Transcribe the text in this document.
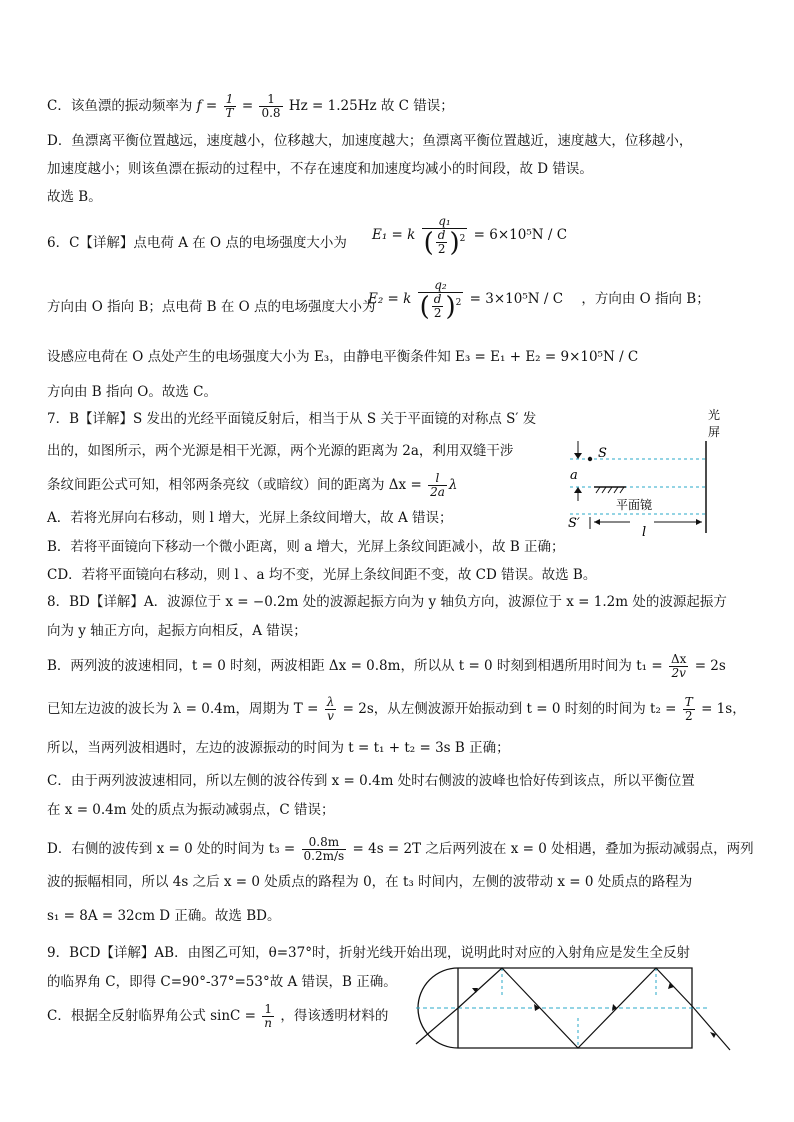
C．该鱼漂的振动频率为 $f = \frac{1}{T} = \frac{1}{0.8}$ Hz = 1.25Hz 故 C 错误；
D．鱼漂离平衡位置越远，速度越小，位移越大，加速度越大；鱼漂离平衡位置越近，速度越大，位移越小，
加速度越小；则该鱼漂在振动的过程中，不存在速度和加速度均减小的时间段，故 D 错误。
故选 B。
6．C【详解】点电荷 A 在 O 点的电场强度大小为 E₁ = k $\frac{\text{q₁}}{( \frac{d}{2} )^2} = 6\times 10^5N / C$
方向由 O 指向 B；点电荷 B 在 O 点的电场强度大小为
E₂ = k $\frac{\text{q₂}}{( \frac{d}{2} )^2} = 3\times 10^5N / C$ ，方向由 O 指向 B；
设感应电荷在 O 点处产生的电场强度大小为 E₃，由静电平衡条件知 E₃ = E₁ + E₂ = 9×10⁵N / C
方向由 B 指向 O。故选 C。
7．B【详解】S 发出的光经平面镜反射后，相当于从 S 关于平面镜的对称点 S′ 发
出的，如图所示，两个光源是相干光源，两个光源的距离为 2a，利用双缝干涉
条纹间距公式可知，相邻两条亮纹（或暗纹）间的距离为 $\Delta x = \frac{l}{2a}$ λ
光
屏
S
a
平面镜
S′
l
A．若将光屏向右移动，则 l 增大，光屏上条纹间增大，故 A 错误；
B．若将平面镜向下移动一个微小距离，则 a 增大，光屏上条纹间距减小，故 B 正确；
CD．若将平面镜向右移动，则 l 、a 均不变，光屏上条纹间距不变，故 CD 错误。故选 B。
8．BD【详解】A．波源位于 x = −0.2m 处的波源起振方向为 y 轴负方向，波源位于 x = 1.2m 处的波源起振方
向为 y 轴正方向，起振方向相反，A 错误；
B．两列波的波速相同，t = 0 时刻，两波相距 Δx = 0.8m，所以从 t = 0 时刻到相遇所用时间为 $t_1 = \frac{\Delta x}{2v} = 2s$
已知左边波的波长为 λ = 0.4m，周期为 $T = \frac{\lambda}{v} = 2s$，从左侧波源开始振动到 t = 0 时刻的时间为 $t_2 = \frac{T}{2} = 1s$，
所以，当两列波相遇时，左边的波源振动的时间为 t = t₁ + t₂ = 3s B 正确；
C．由于两列波波速相同，所以左侧的波谷传到 x = 0.4m 处时右侧波的波峰也恰好传到该点，所以平衡位置
在 x = 0.4m 处的质点为振动减弱点，C 错误；
D．右侧的波传到 x = 0 处的时间为 $t_3 = \frac{0.8m}{0.2m/s} = 4s = 2T$ 之后两列波在 x = 0 处相遇，叠加为振动减弱点，两列
波的振幅相同，所以 4s 之后 x = 0 处质点的路程为 0，在 t₃ 时间内，左侧的波带动 x = 0 处质点的路程为
s₁ = 8A = 32cm D 正确。故选 BD。
9．BCD【详解】AB．由图乙可知，θ=37°时，折射光线开始出现，说明此时对应的入射角应是发生全反射
的临界角 C，即得 C=90°-37°=53°故 A 错误，B 正确。
C．根据全反射临界角公式 $\sin C = \frac{1}{n}$ ，得该透明材料的
